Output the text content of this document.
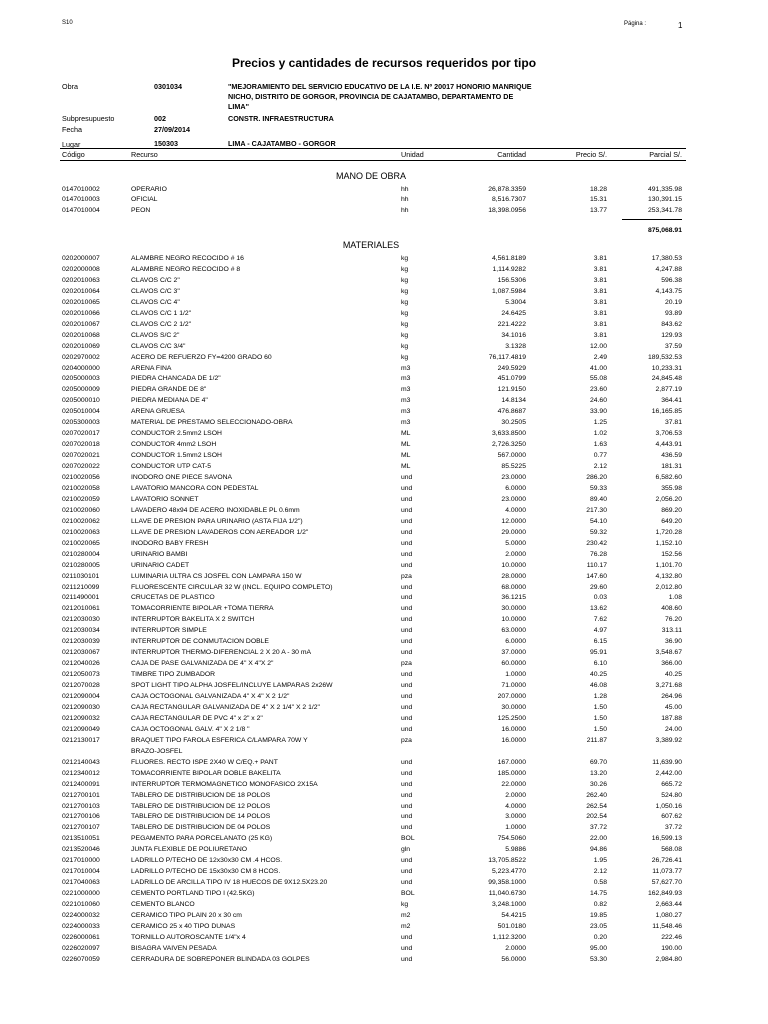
S10	Página :	1
Precios y cantidades de recursos requeridos por tipo
Obra	0301034	"MEJORAMIENTO DEL SERVICIO EDUCATIVO DE LA I.E. Nº 20017 HONORIO MANRIQUE
NICHO, DISTRITO DE GORGOR, PROVINCIA DE CAJATAMBO, DEPARTAMENTO DE
LIMA"
Subpresupuesto	002	CONSTR. INFRAESTRUCTURA
Fecha	27/09/2014
Lugar	150303	LIMA - CAJATAMBO - GORGOR
Código	Recurso	Unidad	Cantidad	Precio S/.	Parcial S/.
MANO DE OBRA
0147010002	OPERARIO	hh	26,878.3359	18.28	491,335.98
0147010003	OFICIAL	hh	8,516.7307	15.31	130,391.15
0147010004	PEON	hh	18,398.0956	13.77	253,341.78
875,068.91
MATERIALES
0202000007	ALAMBRE NEGRO RECOCIDO # 16	kg	4,561.8189	3.81	17,380.53
0202000008	ALAMBRE NEGRO RECOCIDO # 8	kg	1,114.9282	3.81	4,247.88
0202010063	CLAVOS C/C 2"	kg	156.5306	3.81	596.38
0202010064	CLAVOS C/C 3"	kg	1,087.5984	3.81	4,143.75
0202010065	CLAVOS C/C 4"	kg	5.3004	3.81	20.19
0202010066	CLAVOS C/C 1 1/2"	kg	24.6425	3.81	93.89
0202010067	CLAVOS C/C 2 1/2"	kg	221.4222	3.81	843.62
0202010068	CLAVOS S/C 2"	kg	34.1016	3.81	129.93
0202010069	CLAVOS C/C 3/4"	kg	3.1328	12.00	37.59
0202970002	ACERO DE REFUERZO FY=4200 GRADO 60	kg	76,117.4819	2.49	189,532.53
0204000000	ARENA FINA	m3	249.5929	41.00	10,233.31
0205000003	PIEDRA CHANCADA DE 1/2"	m3	451.0799	55.08	24,845.48
0205000009	PIEDRA GRANDE DE 8"	m3	121.9150	23.60	2,877.19
0205000010	PIEDRA MEDIANA DE 4"	m3	14.8134	24.60	364.41
0205010004	ARENA GRUESA	m3	476.8687	33.90	16,165.85
0205300003	MATERIAL DE PRESTAMO SELECCIONADO-OBRA	m3	30.2505	1.25	37.81
0207020017	CONDUCTOR 2.5mm2 LSOH	ML	3,633.8500	1.02	3,706.53
0207020018	CONDUCTOR 4mm2 LSOH	ML	2,726.3250	1.63	4,443.91
0207020021	CONDUCTOR 1.5mm2 LSOH	ML	567.0000	0.77	436.59
0207020022	CONDUCTOR UTP CAT-5	ML	85.5225	2.12	181.31
0210020056	INODORO ONE PIECE SAVONA	und	23.0000	286.20	6,582.60
0210020058	LAVATORIO MANCORA CON PEDESTAL	und	6.0000	59.33	355.98
0210020059	LAVATORIO SONNET	und	23.0000	89.40	2,056.20
0210020060	LAVADERO 48x94 DE ACERO INOXIDABLE PL 0.6mm	und	4.0000	217.30	869.20
0210020062	LLAVE DE PRESION PARA URINARIO (ASTA FIJA 1/2")	und	12.0000	54.10	649.20
0210020063	LLAVE DE PRESION LAVADEROS CON AEREADOR 1/2"	und	29.0000	59.32	1,720.28
0210020065	INODORO BABY FRESH	und	5.0000	230.42	1,152.10
0210280004	URINARIO BAMBI	und	2.0000	76.28	152.56
0210280005	URINARIO CADET	und	10.0000	110.17	1,101.70
0211030101	LUMINARIA ULTRA CS JOSFEL CON LAMPARA 150 W	pza	28.0000	147.60	4,132.80
0211210099	FLUORESCENTE CIRCULAR 32 W (INCL. EQUIPO COMPLETO)	und	68.0000	29.60	2,012.80
0211490001	CRUCETAS DE PLASTICO	und	36.1215	0.03	1.08
0212010061	TOMACORRIENTE BIPOLAR +TOMA TIERRA	und	30.0000	13.62	408.60
0212030030	INTERRUPTOR BAKELITA X 2 SWITCH	und	10.0000	7.62	76.20
0212030034	INTERRUPTOR SIMPLE	und	63.0000	4.97	313.11
0212030039	INTERRUPTOR DE CONMUTACION DOBLE	und	6.0000	6.15	36.90
0212030067	INTERRUPTOR THERMO-DIFERENCIAL 2 X 20 A - 30 mA	und	37.0000	95.91	3,548.67
0212040026	CAJA DE PASE GALVANIZADA DE 4" X 4"X 2"	pza	60.0000	6.10	366.00
0212050073	TIMBRE TIPO ZUMBADOR	und	1.0000	40.25	40.25
0212070028	SPOT LIGHT TIPO ALPHA JOSFEL/INCLUYE LAMPARAS 2x26W	und	71.0000	46.08	3,271.68
0212090004	CAJA OCTOGONAL GALVANIZADA 4" X 4" X 2 1/2"	und	207.0000	1.28	264.96
0212090030	CAJA RECTANGULAR GALVANIZADA DE 4" X 2 1/4" X 2 1/2"	und	30.0000	1.50	45.00
0212090032	CAJA RECTANGULAR DE PVC 4" x 2" x 2"	und	125.2500	1.50	187.88
0212090049	CAJA OCTOGONAL GALV. 4" X 2 1/8 "	und	16.0000	1.50	24.00
0212130017	BRAQUET TIPO FAROLA ESFERICA C/LAMPARA 70W Y	pza	16.0000	211.87	3,389.92
BRAZO-JOSFEL
0212140043	FLUORES. RECTO ISPE 2X40 W C/EQ.+ PANT	und	167.0000	69.70	11,639.90
0212340012	TOMACORRIENTE BIPOLAR DOBLE BAKELITA	und	185.0000	13.20	2,442.00
0212400091	INTERRUPTOR TERMOMAGNETICO MONOFASICO 2X15A	und	22.0000	30.26	665.72
0212700101	TABLERO DE DISTRIBUCION DE 18 POLOS	und	2.0000	262.40	524.80
0212700103	TABLERO DE DISTRIBUCION DE 12 POLOS	und	4.0000	262.54	1,050.16
0212700106	TABLERO DE DISTRIBUCION DE 14 POLOS	und	3.0000	202.54	607.62
0212700107	TABLERO DE DISTRIBUCION DE 04 POLOS	und	1.0000	37.72	37.72
0213510051	PEGAMENTO PARA PORCELANATO (25 KG)	BOL	754.5060	22.00	16,599.13
0213520046	JUNTA FLEXIBLE DE POLIURETANO	gln	5.9886	94.86	568.08
0217010000	LADRILLO P/TECHO DE 12x30x30 CM .4 HCOS.	und	13,705.8522	1.95	26,726.41
0217010004	LADRILLO P/TECHO DE 15x30x30 CM 8 HCOS.	und	5,223.4770	2.12	11,073.77
0217040063	LADRILLO DE ARCILLA TIPO IV 18 HUECOS DE 9X12.5X23.20	und	99,358.1000	0.58	57,627.70
0221000000	CEMENTO PORTLAND TIPO I (42.5KG)	BOL	11,040.6730	14.75	162,849.93
0221010060	CEMENTO BLANCO	kg	3,248.1000	0.82	2,663.44
0224000032	CERAMICO TIPO PLAIN 20 x 30 cm	m2	54.4215	19.85	1,080.27
0224000033	CERAMICO 25 x 40 TIPO DUNAS	m2	501.0180	23.05	11,548.46
0226000061	TORNILLO AUTOROSCANTE 1/4"x 4	und	1,112.3200	0.20	222.46
0226020097	BISAGRA VAIVEN PESADA	und	2.0000	95.00	190.00
0226070059	CERRADURA DE SOBREPONER BLINDADA 03 GOLPES	und	56.0000	53.30	2,984.80
